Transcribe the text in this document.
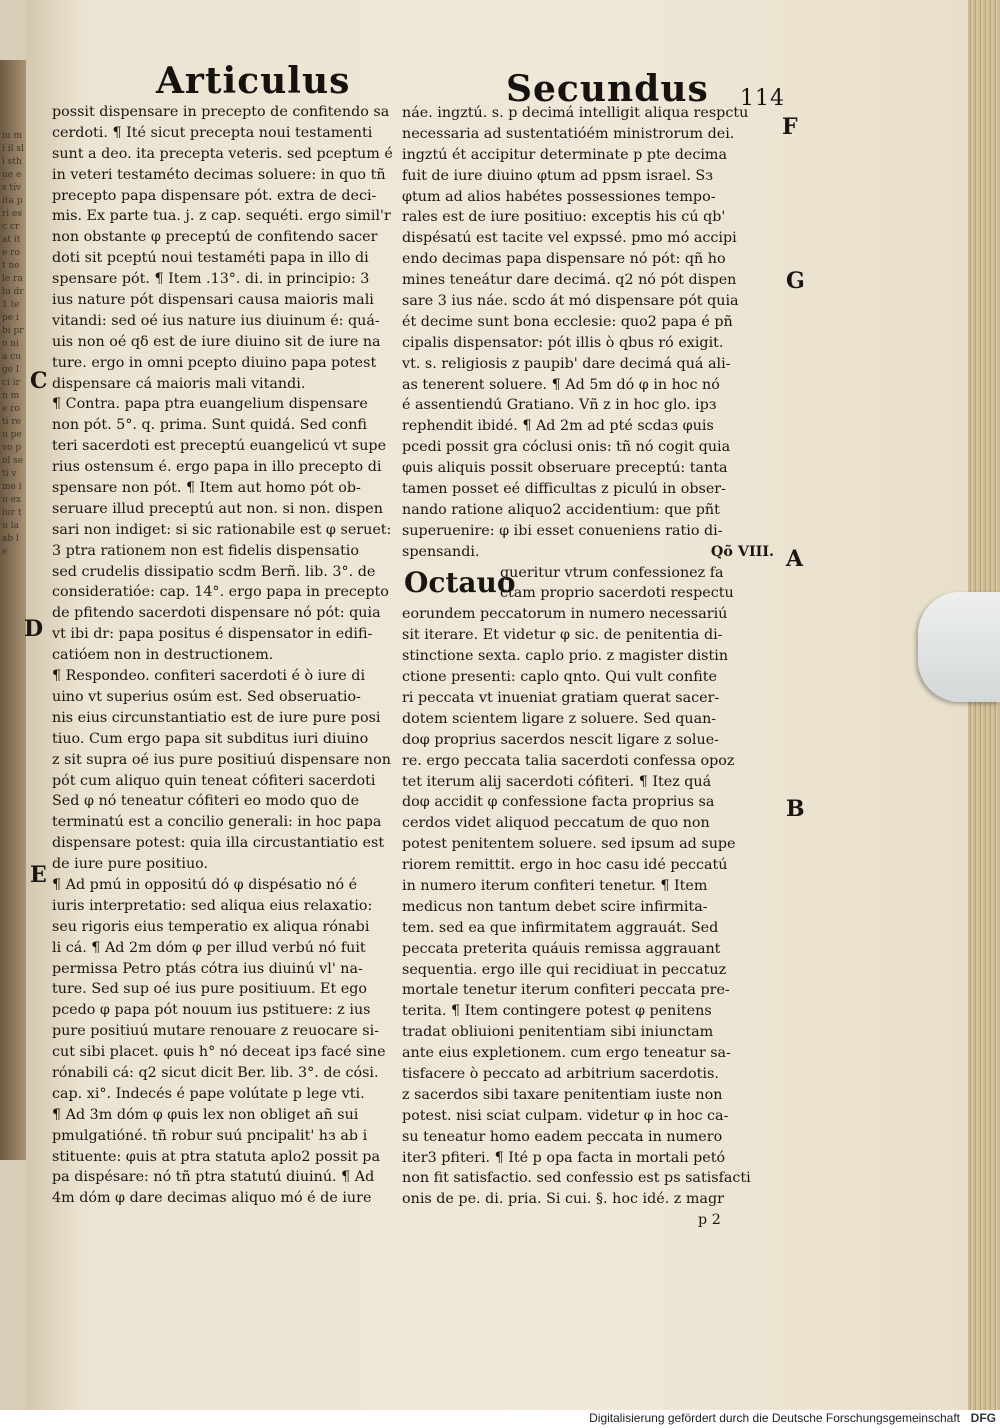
iu mi il sli sth ue es tiv ita pri es c crat ite ro t ne le ra lu dr 1 te pe ibi pro nia cu ge l ci ir n me ro ti reu pe vo pol se ti v me iu ex iur tu la ab le
Articulus	Secundus 114
possit dispensare in precepto de confitendo sa
cerdoti. ¶ Ité sicut precepta noui testamenti
sunt a deo. ita precepta veteris. sed pceptum é
in veteri testaméto decimas soluere: in quo tñ
precepto papa dispensare pót. extra de deci-
mis. Ex parte tua. j. z cap. sequéti. ergo simil'r
non obstante φ preceptú de confitendo sacer
doti sit pceptú noui testaméti papa in illo di
spensare pót. ¶ Item .13°. di. in principio: 3
ius nature pót dispensari causa maioris mali
vitandi: sed oé ius nature ius diuinum é: quá-
uis non oé qδ est de iure diuino sit de iure na
ture. ergo in omni pcepto diuino papa potest
dispensare cá maioris mali vitandi.
¶ Contra. papa ptra euangelium dispensare
non pót. 5°. q. prima. Sunt quidá. Sed confi
teri sacerdoti est preceptú euangelicú vt supe
rius ostensum é. ergo papa in illo precepto di
spensare non pót. ¶ Item aut homo pót ob-
seruare illud preceptú aut non. si non. dispen
sari non indiget: si sic rationabile est φ seruet:
3 ptra rationem non est fidelis dispensatio
sed crudelis dissipatio scdm Berñ. lib. 3°. de
consideratióe: cap. 14°. ergo papa in precepto
de pfitendo sacerdoti dispensare nó pót: quia
vt ibi dr: papa positus é dispensator in edifi-
catióem non in destructionem.
¶ Respondeo. confiteri sacerdoti é ò iure di
uino vt superius osúm est. Sed obseruatio-
nis eius circunstantiatio est de iure pure posi
tiuo. Cum ergo papa sit subditus iuri diuino
z sit supra oé ius pure positiuú dispensare non
pót cum aliquo quin teneat cófiteri sacerdoti
Sed φ nó teneatur cófiteri eo modo quo de
terminatú est a concilio generali: in hoc papa
dispensare potest: quia illa circustantiatio est
de iure pure positiuo.
¶ Ad pmú in oppositú dó φ dispésatio nó é
iuris interpretatio: sed aliqua eius relaxatio:
seu rigoris eius temperatio ex aliqua rónabi
li cá. ¶ Ad 2m dóm φ per illud verbú nó fuit
permissa Petro ptás cótra ius diuinú vl' na-
ture. Sed sup oé ius pure positiuum. Et ego
pcedo φ papa pót nouum ius pstituere: z ius
pure positiuú mutare renouare z reuocare si-
cut sibi placet. φuis h° nó deceat ipз facé sine
rónabili cá: q2 sicut dicit Ber. lib. 3°. de cósi.
cap. xi°. Indecés é pape volútate p lege vti.
¶ Ad 3m dóm φ φuis lex non obliget añ sui
pmulgatióné. tñ robur suú pncipalit' hз ab i
stituente: φuis at ptra statuta aplo2 possit pa
pa dispésare: nó tñ ptra statutú diuinú. ¶ Ad
4m dóm φ dare decimas aliquo mó é de iure
náe. ingztú. s. p decimá intelligit aliqua respctu
necessaria ad sustentatióém ministrorum dei.
ingztú ét accipitur determinate p pte decima
fuit de iure diuino φtum ad ppsm israel. Sз
φtum ad alios habétes possessiones tempo-
rales est de iure positiuo: exceptis his cú qb'
dispésatú est tacite vel expssé. pmo mó accipi
endo decimas papa dispensare nó pót: qñ ho
mines teneátur dare decimá. q2 nó pót dispen
sare 3 ius náe. scdo át mó dispensare pót quia
ét decime sunt bona ecclesie: quo2 papa é pñ
cipalis dispensator: pót illis ò qbus ró exigit.
vt. s. religiosis z paupib' dare decimá quá ali-
as tenerent soluere. ¶ Ad 5m dó φ in hoc nó
é assentiendú Gratiano. Vñ z in hoc glo. ipз
rephendit ibidé. ¶ Ad 2m ad pté scdaз φuis
pcedi possit gra cóclusi onis: tñ nó cogit quia
φuis aliquis possit obseruare preceptú: tanta
tamen posset eé difficultas z piculú in obser-
nando ratione aliquo2 accidentium: que pñt
superuenire: φ ibi esset conueniens ratio di-
spensandi.	Qõ VIII.
queritur vtrum confessionez fa
Octauo
ctam proprio sacerdoti respectu
eorundem peccatorum in numero necessariú
sit iterare. Et videtur φ sic. de penitentia di-
stinctione sexta. caplo prio. z magister distin
ctione presenti: caplo qnto. Qui vult confite
ri peccata vt inueniat gratiam querat sacer-
dotem scientem ligare z soluere. Sed quan-
doφ proprius sacerdos nescit ligare z solue-
re. ergo peccata talia sacerdoti confessa opoz
tet iterum alij sacerdoti cófiteri. ¶ Itez quá
doφ accidit φ confessione facta proprius sa
cerdos videt aliquod peccatum de quo non
potest penitentem soluere. sed ipsum ad supe
riorem remittit. ergo in hoc casu idé peccatú
in numero iterum confiteri tenetur. ¶ Item
medicus non tantum debet scire infirmita-
tem. sed ea que infirmitatem aggrauát. Sed
peccata preterita quáuis remissa aggrauant
sequentia. ergo ille qui recidiuat in peccatuz
mortale tenetur iterum confiteri peccata pre-
terita. ¶ Item contingere potest φ penitens
tradat obliuioni penitentiam sibi iniunctam
ante eius expletionem. cum ergo teneatur sa-
tisfacere ò peccato ad arbitrium sacerdotis.
z sacerdos sibi taxare penitentiam iuste non
potest. nisi sciat culpam. videtur φ in hoc ca-
su teneatur homo eadem peccata in numero
iter3 pfiteri. ¶ Ité p opa facta in mortali petó
non fit satisfactio. sed confessio est ps satisfacti
onis de pe. di. pria. Si cui. §. hoc idé. z magr
p 2
C
D
E
F
G
A
B
Digitalisierung gefördert durch die Deutsche Forschungsgemeinschaft DFG
